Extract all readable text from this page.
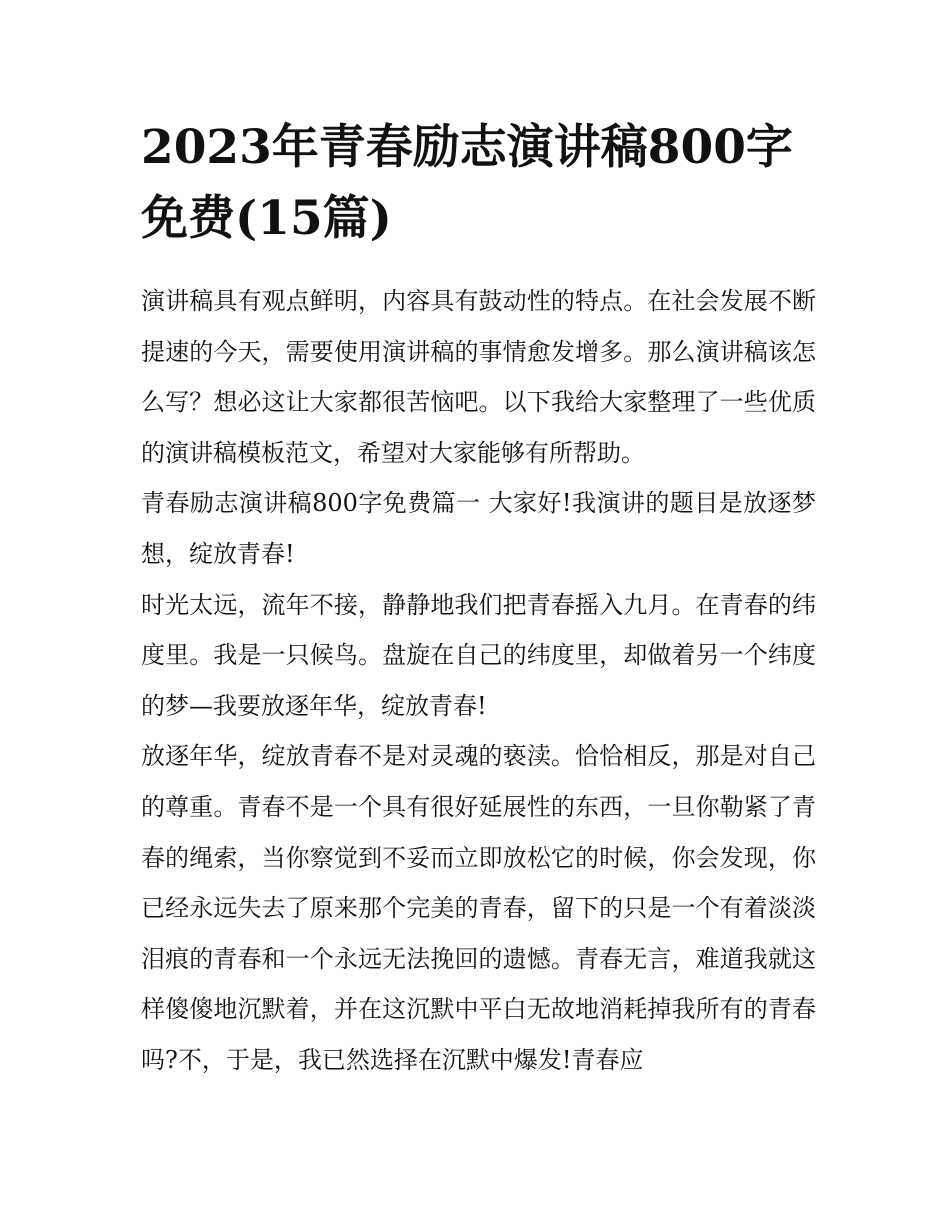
2023年青春励志演讲稿800字免费(15篇)

演讲稿具有观点鲜明，内容具有鼓动性的特点。在社会发展不断提速的今天，需要使用演讲稿的事情愈发增多。那么演讲稿该怎么写？想必这让大家都很苦恼吧。以下我给大家整理了一些优质的演讲稿模板范文，希望对大家能够有所帮助。

青春励志演讲稿800字免费篇一 大家好!我演讲的题目是放逐梦想，绽放青春!

时光太远，流年不接，静静地我们把青春摇入九月。在青春的纬度里。我是一只候鸟。盘旋在自己的纬度里，却做着另一个纬度的梦—我要放逐年华，绽放青春!

放逐年华，绽放青春不是对灵魂的亵渎。恰恰相反，那是对自己的尊重。青春不是一个具有很好延展性的东西，一旦你勒紧了青春的绳索，当你察觉到不妥而立即放松它的时候，你会发现，你已经永远失去了原来那个完美的青春，留下的只是一个有着淡淡泪痕的青春和一个永远无法挽回的遗憾。青春无言，难道我就这样傻傻地沉默着，并在这沉默中平白无故地消耗掉我所有的青春吗?不，于是，我已然选择在沉默中爆发!青春应
